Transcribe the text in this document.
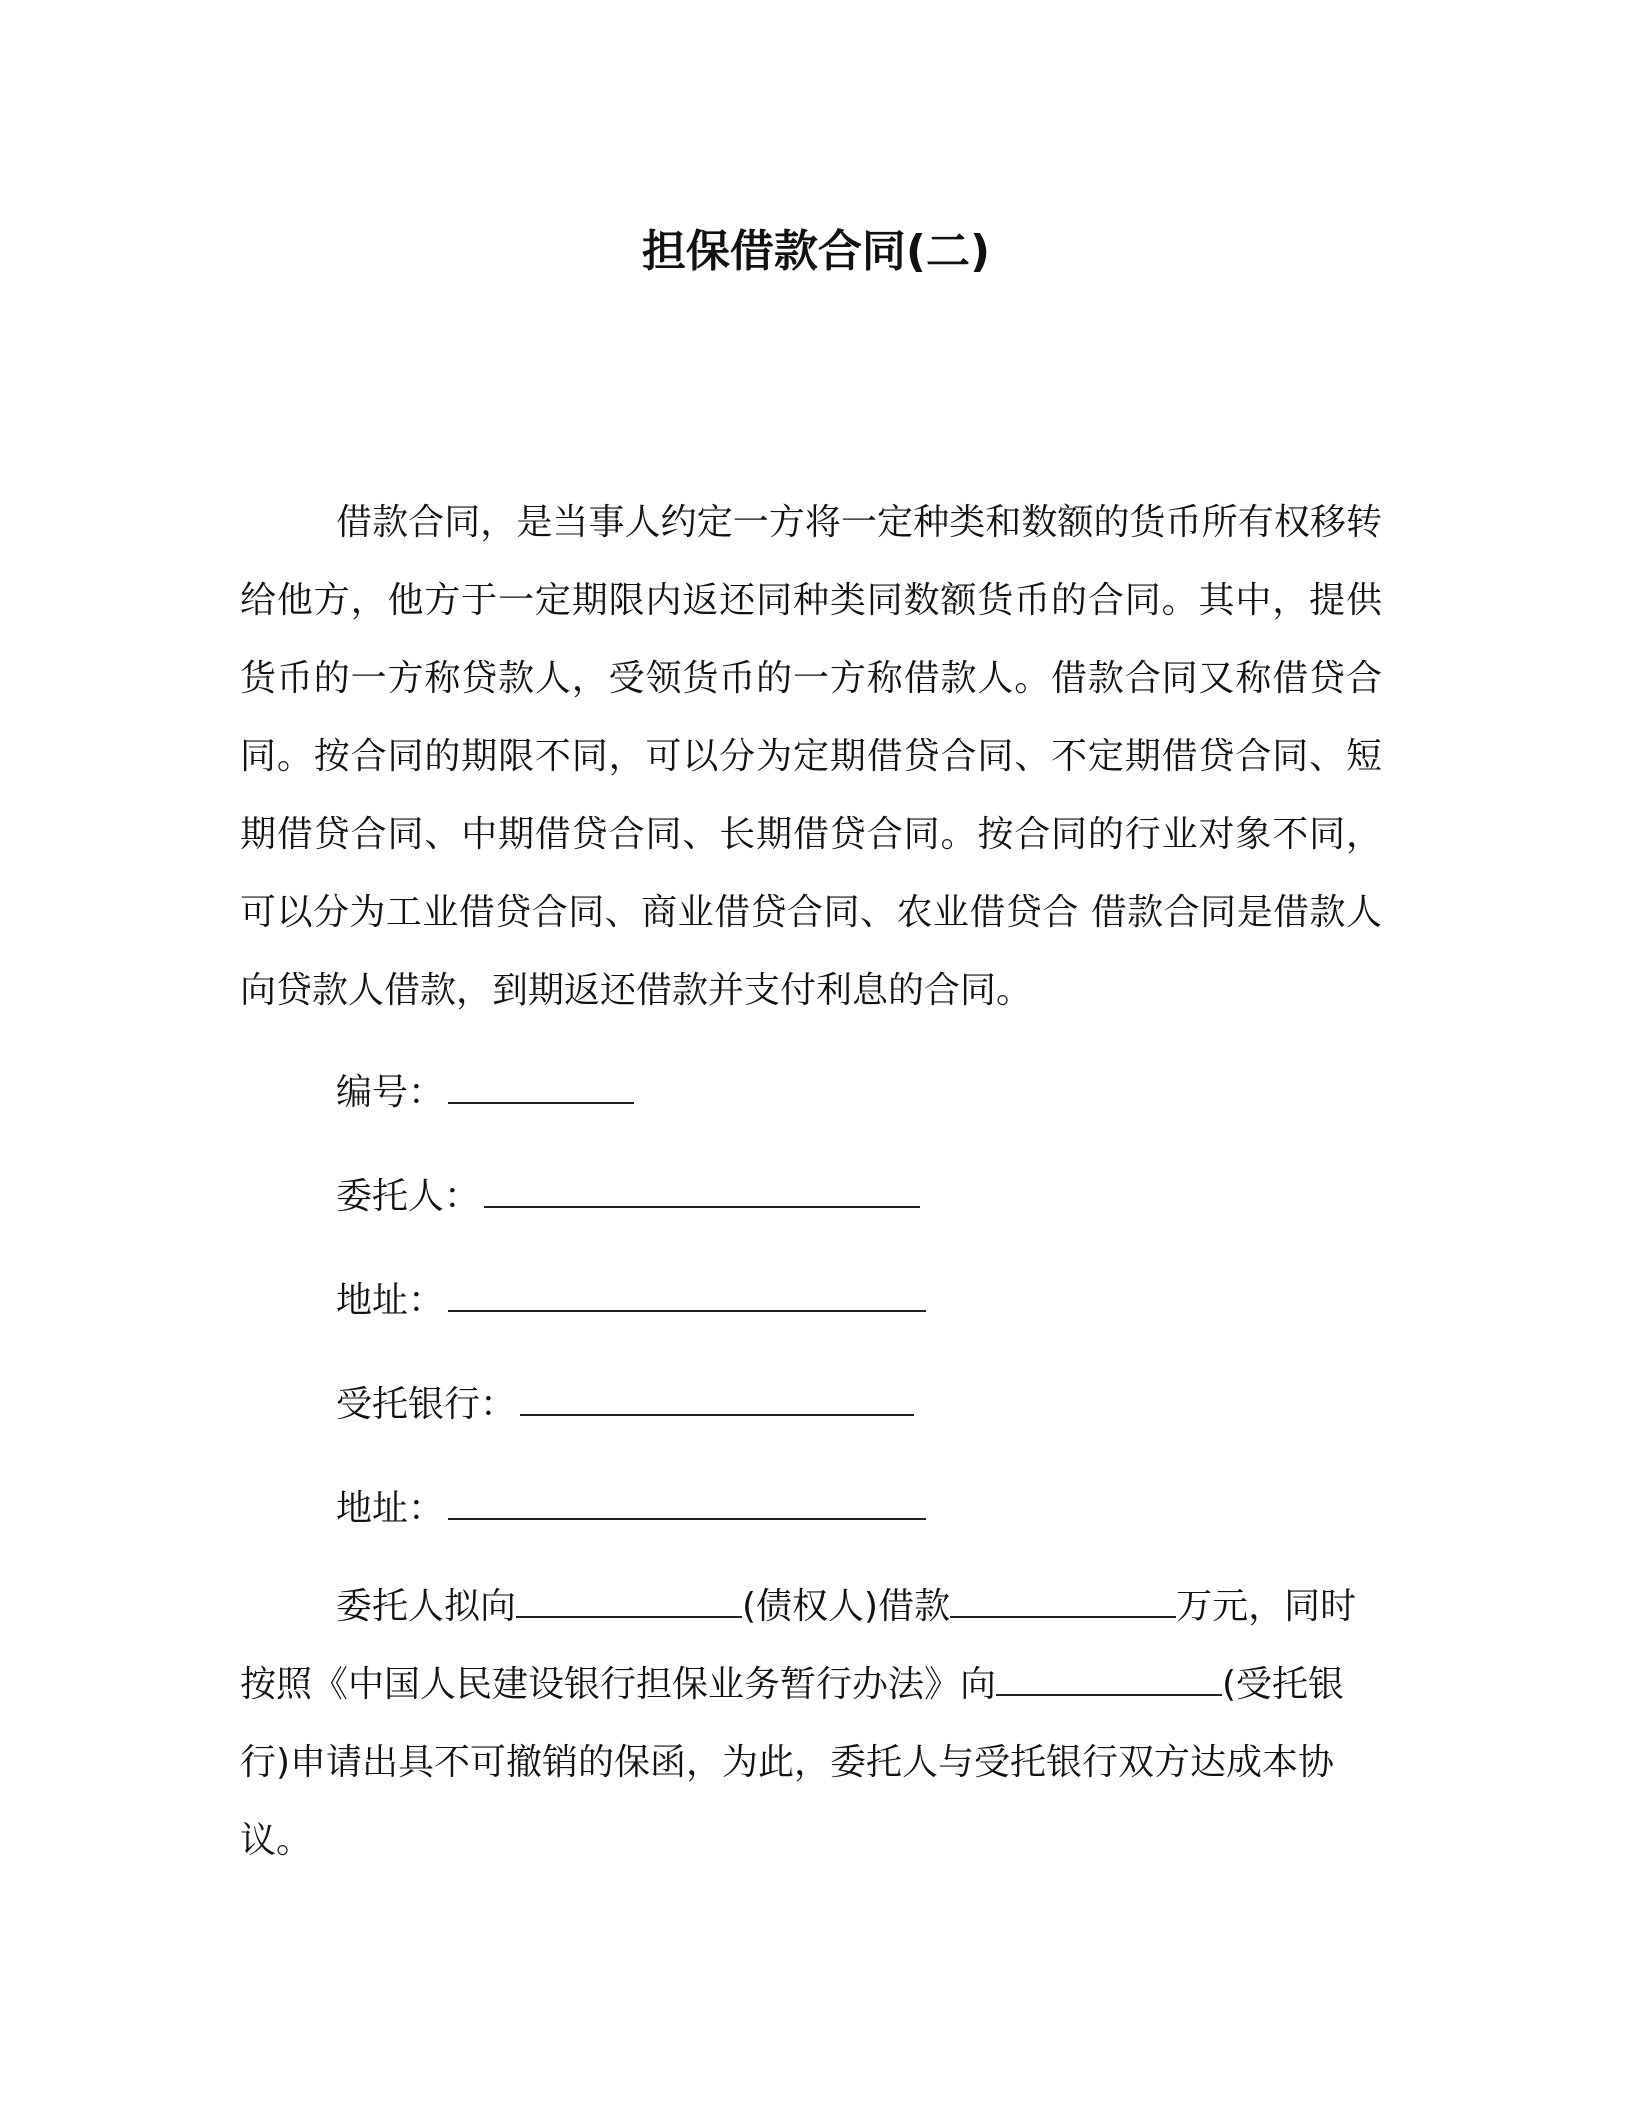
担保借款合同(二)
借款合同，是当事人约定一方将一定种类和数额的货币所有权移转给他方，他方于一定期限内返还同种类同数额货币的合同。其中，提供货币的一方称贷款人，受领货币的一方称借款人。借款合同又称借贷合同。按合同的期限不同，可以分为定期借贷合同、不定期借贷合同、短期借贷合同、中期借贷合同、长期借贷合同。按合同的行业对象不同，可以分为工业借贷合同、商业借贷合同、农业借贷合 借款合同是借款人向贷款人借款，到期返还借款并支付利息的合同。
编号：
委托人：
地址：
受托银行：
地址：
委托人拟向	(债权人)借款	万元，同时
按照《中国人民建设银行担保业务暂行办法》向	(受托银
行)申请出具不可撤销的保函，为此，委托人与受托银行双方达成本协
议。
